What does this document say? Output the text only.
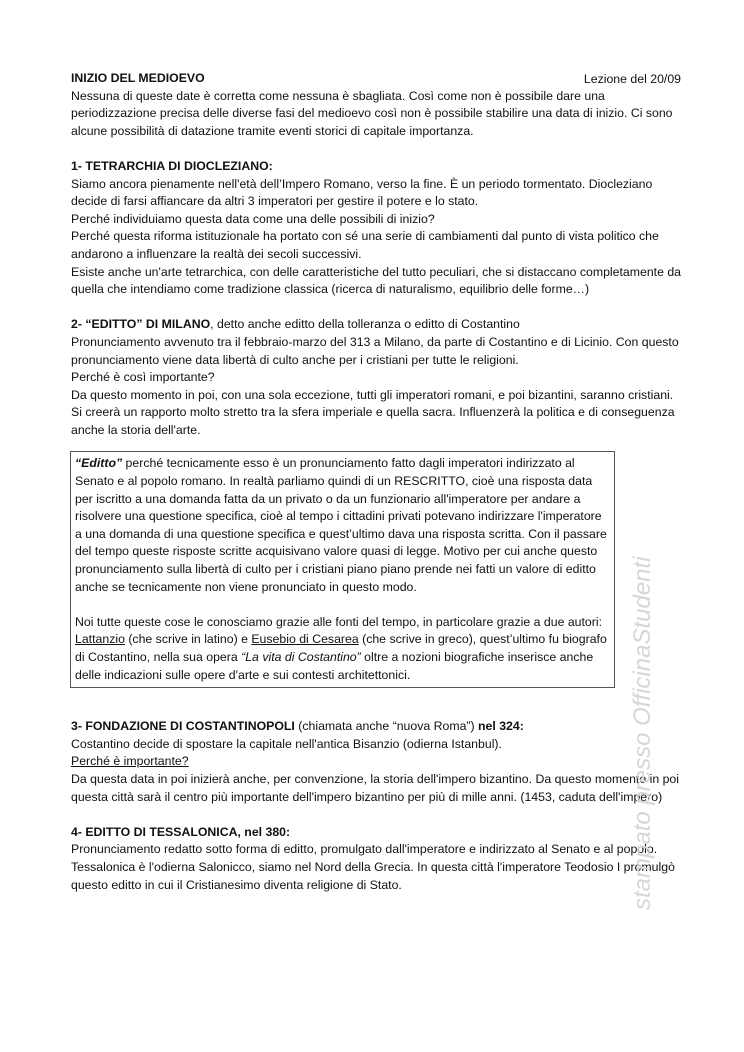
Lezione del 20/09

INIZIO DEL MEDIOEVO

Nessuna di queste date è corretta come nessuna è sbagliata. Così come non è possibile dare una periodizzazione precisa delle diverse fasi del medioevo così non è possibile stabilire una data di inizio. Ci sono alcune possibilità di datazione tramite eventi storici di capitale importanza.

1- TETRARCHIA DI DIOCLEZIANO:

Siamo ancora pienamente nell'età dell’Impero Romano, verso la fine. È un periodo tormentato. Diocleziano decide di farsi affiancare da altri 3 imperatori per gestire il potere e lo stato.

Perché individuiamo questa data come una delle possibili di inizio?

Perché questa riforma istituzionale ha portato con sé una serie di cambiamenti dal punto di vista politico che andarono a influenzare la realtà dei secoli successivi.

Esiste anche un'arte tetrarchica, con delle caratteristiche del tutto peculiari, che si distaccano completamente da quella che intendiamo come tradizione classica (ricerca di naturalismo, equilibrio delle forme…)

2- “EDITTO” DI MILANO, detto anche editto della tolleranza o editto di Costantino

Pronunciamento avvenuto tra il febbraio-marzo del 313 a Milano, da parte di Costantino e di Licinio. Con questo pronunciamento viene data libertà di culto anche per i cristiani per tutte le religioni.

Perché è così importante?

Da questo momento in poi, con una sola eccezione, tutti gli imperatori romani, e poi bizantini, saranno cristiani. Si creerà un rapporto molto stretto tra la sfera imperiale e quella sacra. Influenzerà la politica e di conseguenza anche la storia dell'arte.

“Editto” perché tecnicamente esso è un pronunciamento fatto dagli imperatori indirizzato al Senato e al popolo romano. In realtà parliamo quindi di un RESCRITTO, cioè una risposta data per iscritto a una domanda fatta da un privato o da un funzionario all'imperatore per andare a risolvere una questione specifica, cioè al tempo i cittadini privati potevano indirizzare l'imperatore a una domanda di una questione specifica e quest’ultimo dava una risposta scritta. Con il passare del tempo queste risposte scritte acquisivano valore quasi di legge. Motivo per cui anche questo pronunciamento sulla libertà di culto per i cristiani piano piano prende nei fatti un valore di editto anche se tecnicamente non viene pronunciato in questo modo.

Noi tutte queste cose le conosciamo grazie alle fonti del tempo, in particolare grazie a due autori: Lattanzio (che scrive in latino) e Eusebio di Cesarea (che scrive in greco), quest’ultimo fu biografo di Costantino, nella sua opera “La vita di Costantino” oltre a nozioni biografiche inserisce anche delle indicazioni sulle opere d'arte e sui contesti architettonici.

3- FONDAZIONE DI COSTANTINOPOLI (chiamata anche “nuova Roma”) nel 324:

Costantino decide di spostare la capitale nell'antica Bisanzio (odierna Istanbul).

Perché è importante?

Da questa data in poi inizierà anche, per convenzione, la storia dell'impero bizantino. Da questo momento in poi questa città sarà il centro più importante dell'impero bizantino per più di mille anni. (1453, caduta dell'impero)

4- EDITTO DI TESSALONICA, nel 380:

Pronunciamento redatto sotto forma di editto, promulgato dall'imperatore e indirizzato al Senato e al popolo. Tessalonica è l'odierna Salonicco, siamo nel Nord della Grecia. In questa città l'imperatore Teodosio I promulgò questo editto in cui il Cristianesimo diventa religione di Stato.	stampato presso OfficinaStudenti
